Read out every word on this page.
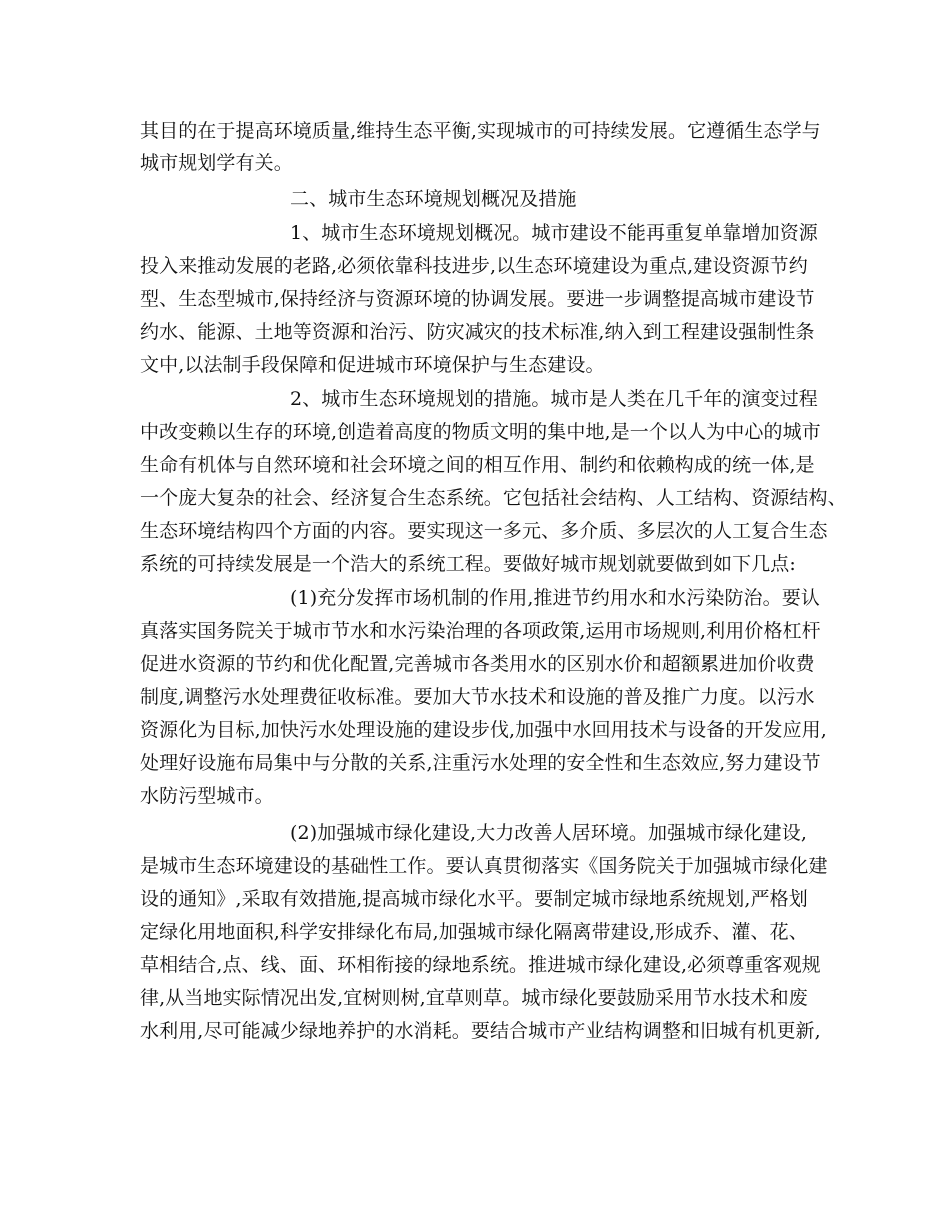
其目的在于提高环境质量,维持生态平衡,实现城市的可持续发展。它遵循生态学与
城市规划学有关。
二、城市生态环境规划概况及措施
1、城市生态环境规划概况。城市建设不能再重复单靠增加资源
投入来推动发展的老路,必须依靠科技进步,以生态环境建设为重点,建设资源节约
型、生态型城市,保持经济与资源环境的协调发展。要进一步调整提高城市建设节
约水、能源、土地等资源和治污、防灾减灾的技术标准,纳入到工程建设强制性条
文中,以法制手段保障和促进城市环境保护与生态建设。
2、城市生态环境规划的措施。城市是人类在几千年的演变过程
中改变赖以生存的环境,创造着高度的物质文明的集中地,是一个以人为中心的城市
生命有机体与自然环境和社会环境之间的相互作用、制约和依赖构成的统一体,是
一个庞大复杂的社会、经济复合生态系统。它包括社会结构、人工结构、资源结构、
生态环境结构四个方面的内容。要实现这一多元、多介质、多层次的人工复合生态
系统的可持续发展是一个浩大的系统工程。要做好城市规划就要做到如下几点:
(1)充分发挥市场机制的作用,推进节约用水和水污染防治。要认
真落实国务院关于城市节水和水污染治理的各项政策,运用市场规则,利用价格杠杆
促进水资源的节约和优化配置,完善城市各类用水的区别水价和超额累进加价收费
制度,调整污水处理费征收标准。要加大节水技术和设施的普及推广力度。以污水
资源化为目标,加快污水处理设施的建设步伐,加强中水回用技术与设备的开发应用,
处理好设施布局集中与分散的关系,注重污水处理的安全性和生态效应,努力建设节
水防污型城市。
(2)加强城市绿化建设,大力改善人居环境。加强城市绿化建设,
是城市生态环境建设的基础性工作。要认真贯彻落实《国务院关于加强城市绿化建
设的通知》,采取有效措施,提高城市绿化水平。要制定城市绿地系统规划,严格划
定绿化用地面积,科学安排绿化布局,加强城市绿化隔离带建设,形成乔、灌、花、
草相结合,点、线、面、环相衔接的绿地系统。推进城市绿化建设,必须尊重客观规
律,从当地实际情况出发,宜树则树,宜草则草。城市绿化要鼓励采用节水技术和废
水利用,尽可能减少绿地养护的水消耗。要结合城市产业结构调整和旧城有机更新,
